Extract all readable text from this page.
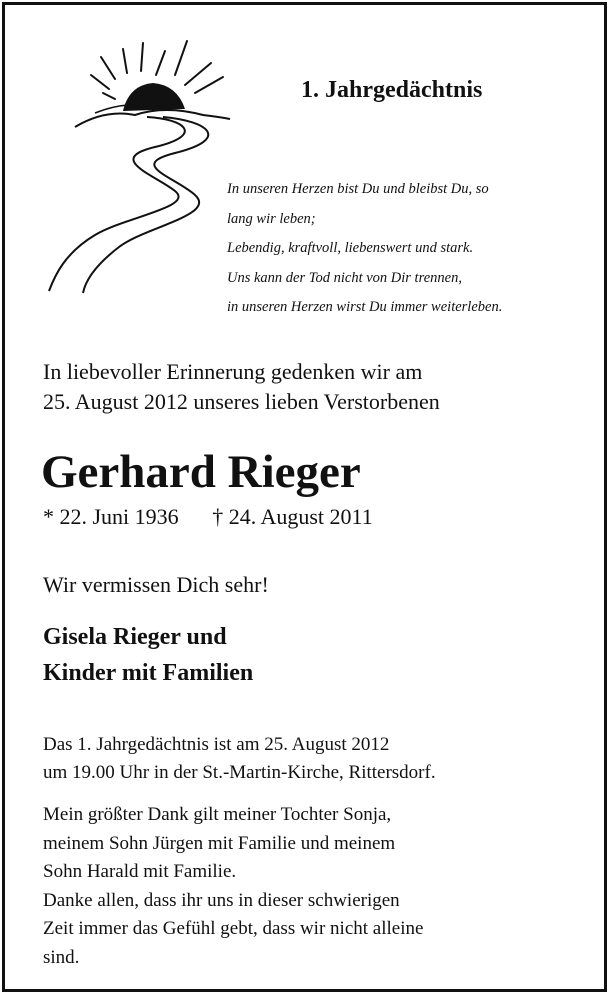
1. Jahrgedächtnis

In unseren Herzen bist Du und bleibst Du, so

lang wir leben;

Lebendig, kraftvoll, liebenswert und stark.

Uns kann der Tod nicht von Dir trennen,

in unseren Herzen wirst Du immer weiterleben.

In liebevoller Erinnerung gedenken wir am

25. August 2012 unseres lieben Verstorbenen

Gerhard Rieger
* 22. Juni 1936 † 24. August 2011

Wir vermissen Dich sehr!

Gisela Rieger und

Kinder mit Familien

Das 1. Jahrgedächtnis ist am 25. August 2012

um 19.00 Uhr in der St.-Martin-Kirche, Rittersdorf.

Mein größter Dank gilt meiner Tochter Sonja,

meinem Sohn Jürgen mit Familie und meinem

Sohn Harald mit Familie.

Danke allen, dass ihr uns in dieser schwierigen

Zeit immer das Gefühl gebt, dass wir nicht alleine

sind.
